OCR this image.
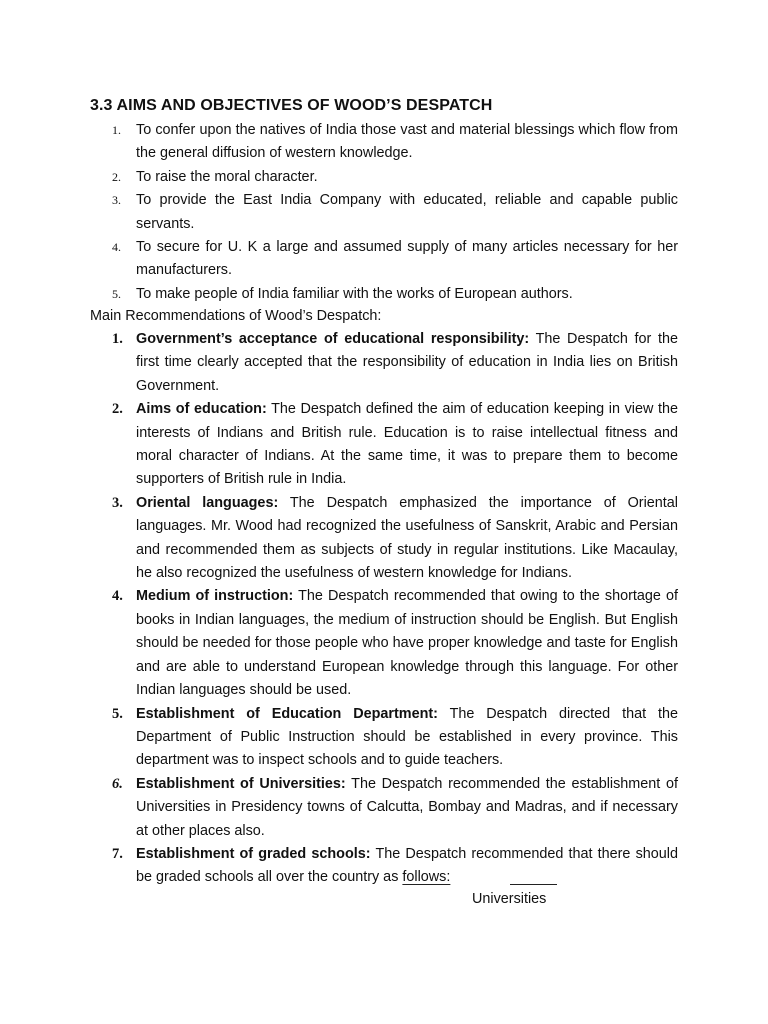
3.3 AIMS AND OBJECTIVES OF WOOD’S DESPATCH
1. To confer upon the natives of India those vast and material blessings which flow from the general diffusion of western knowledge.
2. To raise the moral character.
3. To provide the East India Company with educated, reliable and capable public servants.
4. To secure for U. K a large and assumed supply of many articles necessary for her manufacturers.
5. To make people of India familiar with the works of European authors.
Main Recommendations of Wood’s Despatch:
1. Government’s acceptance of educational responsibility: The Despatch for the first time clearly accepted that the responsibility of education in India lies on British Government.
2. Aims of education: The Despatch defined the aim of education keeping in view the interests of Indians and British rule. Education is to raise intellectual fitness and moral character of Indians. At the same time, it was to prepare them to become supporters of British rule in India.
3. Oriental languages: The Despatch emphasized the importance of Oriental languages. Mr. Wood had recognized the usefulness of Sanskrit, Arabic and Persian and recommended them as subjects of study in regular institutions. Like Macaulay, he also recognized the usefulness of western knowledge for Indians.
4. Medium of instruction: The Despatch recommended that owing to the shortage of books in Indian languages, the medium of instruction should be English. But English should be needed for those people who have proper knowledge and taste for English and are able to understand European knowledge through this language. For other Indian languages should be used.
5. Establishment of Education Department: The Despatch directed that the Department of Public Instruction should be established in every province. This department was to inspect schools and to guide teachers.
6. Establishment of Universities: The Despatch recommended the establishment of Universities in Presidency towns of Calcutta, Bombay and Madras, and if necessary at other places also.
7. Establishment of graded schools: The Despatch recommended that there should be graded schools all over the country as follows:
Universities
